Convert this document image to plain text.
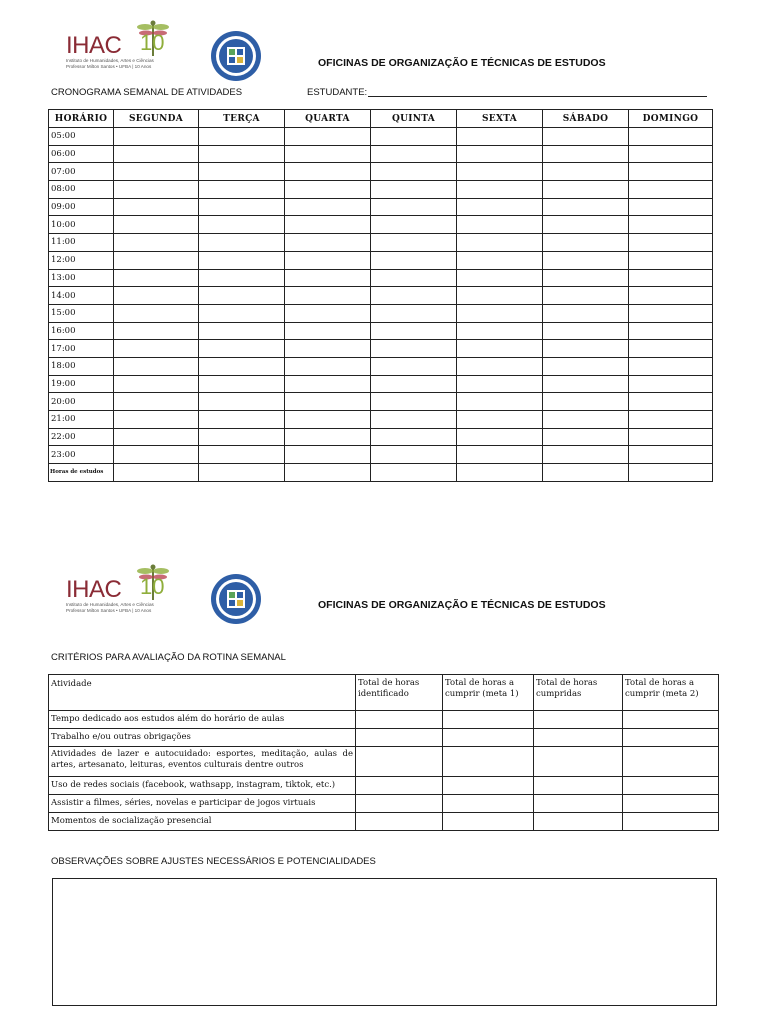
IHAC 10
Instituto de Humanidades, Artes e Ciências
Professor Milton Santos • UFBA | 10 Anos	OFICINAS DE ORGANIZAÇÃO E TÉCNICAS DE ESTUDOS
CRONOGRAMA SEMANAL DE ATIVIDADES	ESTUDANTE:
HORÁRIO	SEGUNDA	TERÇA	QUARTA	QUINTA	SEXTA	SÁBADO	DOMINGO
05:00							
06:00							
07:00							
08:00							
09:00							
10:00							
11:00							
12:00							
13:00							
14:00							
15:00							
16:00							
17:00							
18:00							
19:00							
20:00							
21:00							
22:00							
23:00							
Horas de estudos							
IHAC 10
Instituto de Humanidades, Artes e Ciências
Professor Milton Santos • UFBA | 10 Anos	OFICINAS DE ORGANIZAÇÃO E TÉCNICAS DE ESTUDOS
CRITÉRIOS PARA AVALIAÇÃO DA ROTINA SEMANAL
Atividade	Total de horas identificado	Total de horas a cumprir (meta 1)	Total de horas cumpridas	Total de horas a cumprir (meta 2)
Tempo dedicado aos estudos além do horário de aulas				
Trabalho e/ou outras obrigações				
Atividades de lazer e autocuidado: esportes, meditação, aulas de artes, artesanato, leituras, eventos culturais dentre outros				
Uso de redes sociais (facebook, wathsapp, instagram, tiktok, etc.)				
Assistir a filmes, séries, novelas e participar de jogos virtuais				
Momentos de socialização presencial				
OBSERVAÇÕES SOBRE AJUSTES NECESSÁRIOS E POTENCIALIDADES
